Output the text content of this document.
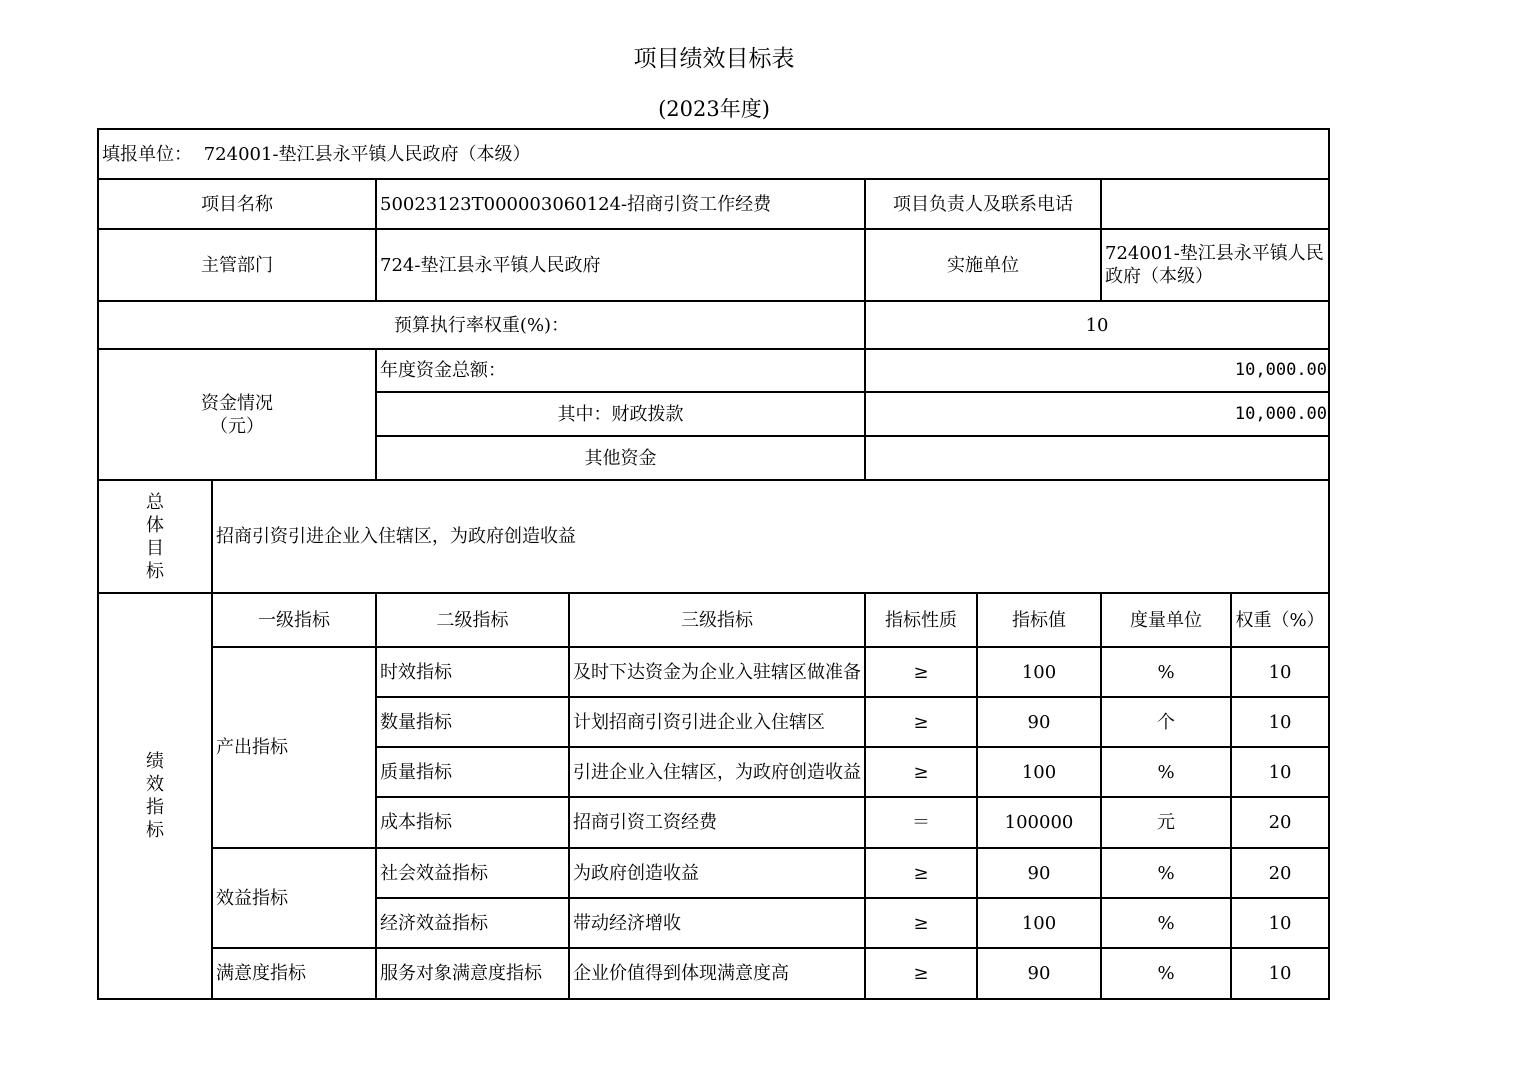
项目绩效目标表
(2023年度)
填报单位： 724001-垫江县永平镇人民政府（本级）							
项目名称		50023123T000003060124-招商引资工作经费		项目负责人及联系电话			
主管部门		724-垫江县永平镇人民政府		实施单位		724001-垫江县永平镇人民政府（本级）	
预算执行率权重(%)：				10			
资金情况
（元）		年度资金总额：		10,000.00			
		其中：财政拨款		10,000.00			
		其他资金					

总
体
目
标	招商引资引进企业入住辖区，为政府创造收益						

绩
效
指
标	一级指标	二级指标	三级指标	指标性质	指标值	度量单位	权重（%）
	产出指标	时效指标	及时下达资金为企业入驻辖区做准备	≥	100	%	10
		数量指标	计划招商引资引进企业入住辖区	≥	90	个	10
		质量指标	引进企业入住辖区，为政府创造收益	≥	100	%	10
		成本指标	招商引资工资经费	＝	100000	元	20
	效益指标	社会效益指标	为政府创造收益	≥	90	%	20
		经济效益指标	带动经济增收	≥	100	%	10
	满意度指标	服务对象满意度指标	企业价值得到体现满意度高	≥	90	%	10
